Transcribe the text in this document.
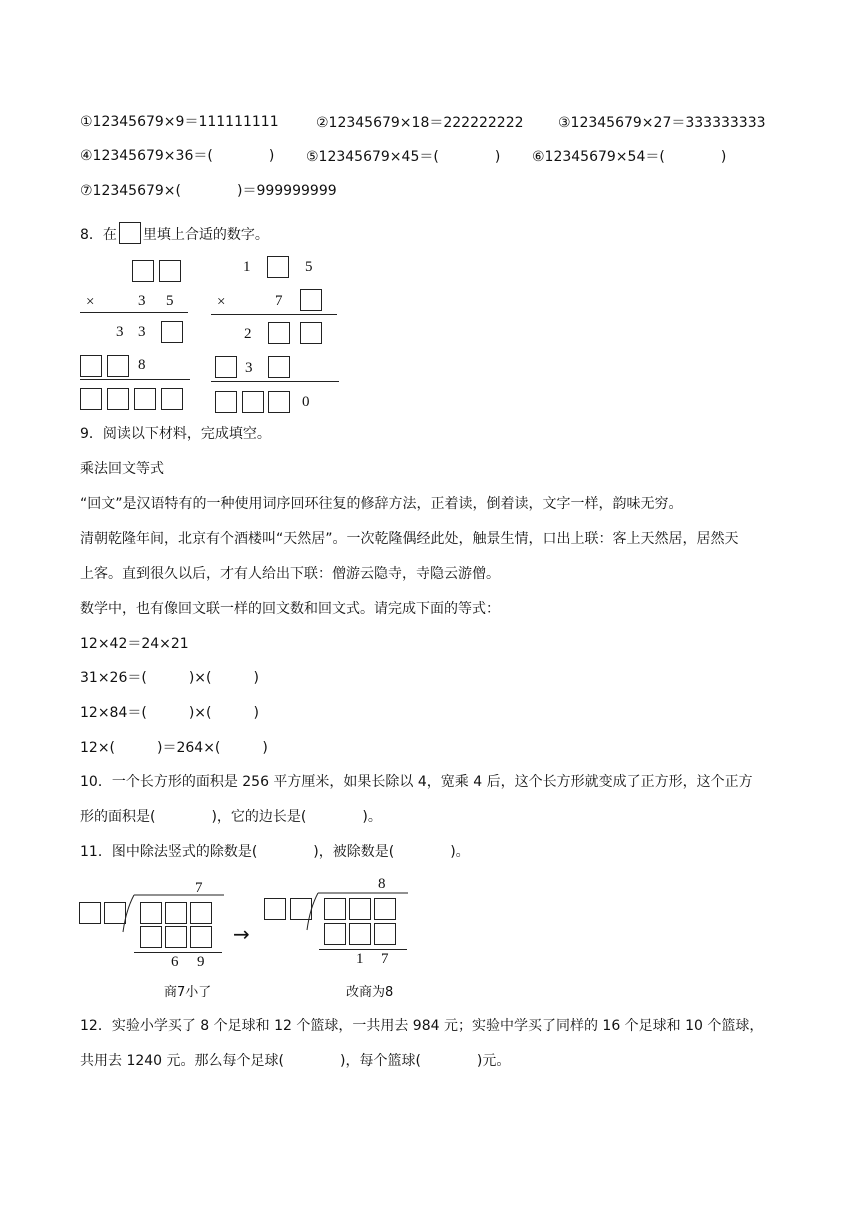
①12345679×9＝111111111	②12345679×18＝222222222 ③12345679×27＝333333333
④12345679×36＝(　　　　) ⑤12345679×45＝(　　　　) ⑥12345679×54＝(　　　　)
⑦12345679×(　　　　)＝999999999
8．在 里填上合适的数字。
×	3 5
3 3
8
1	5
×	7
2
3
0
9．阅读以下材料，完成填空。
乘法回文等式
“回文”是汉语特有的一种使用词序回环往复的修辞方法，正着读，倒着读，文字一样，韵味无穷。
清朝乾隆年间，北京有个酒楼叫“天然居”。一次乾隆偶经此处，触景生情，口出上联：客上天然居，居然天
上客。直到很久以后，才有人给出下联：僧游云隐寺，寺隐云游僧。
数学中，也有像回文联一样的回文数和回文式。请完成下面的等式：
12×42＝24×21
31×26＝(　　　)×(　　　)
12×84＝(　　　)×(　　　)
12×(　　　)＝264×(　　　)
10．一个长方形的面积是 256 平方厘米，如果长除以 4，宽乘 4 后，这个长方形就变成了正方形，这个正方
形的面积是(　　　　)，它的边长是(　　　　)。
11．图中除法竖式的除数是(　　　　)，被除数是(　　　　)。
7
6 9
商7小了
→
8
1 7
改商为8
12．实验小学买了 8 个足球和 12 个篮球，一共用去 984 元；实验中学买了同样的 16 个足球和 10 个篮球，
共用去 1240 元。那么每个足球(　　　　)，每个篮球(　　　　)元。
